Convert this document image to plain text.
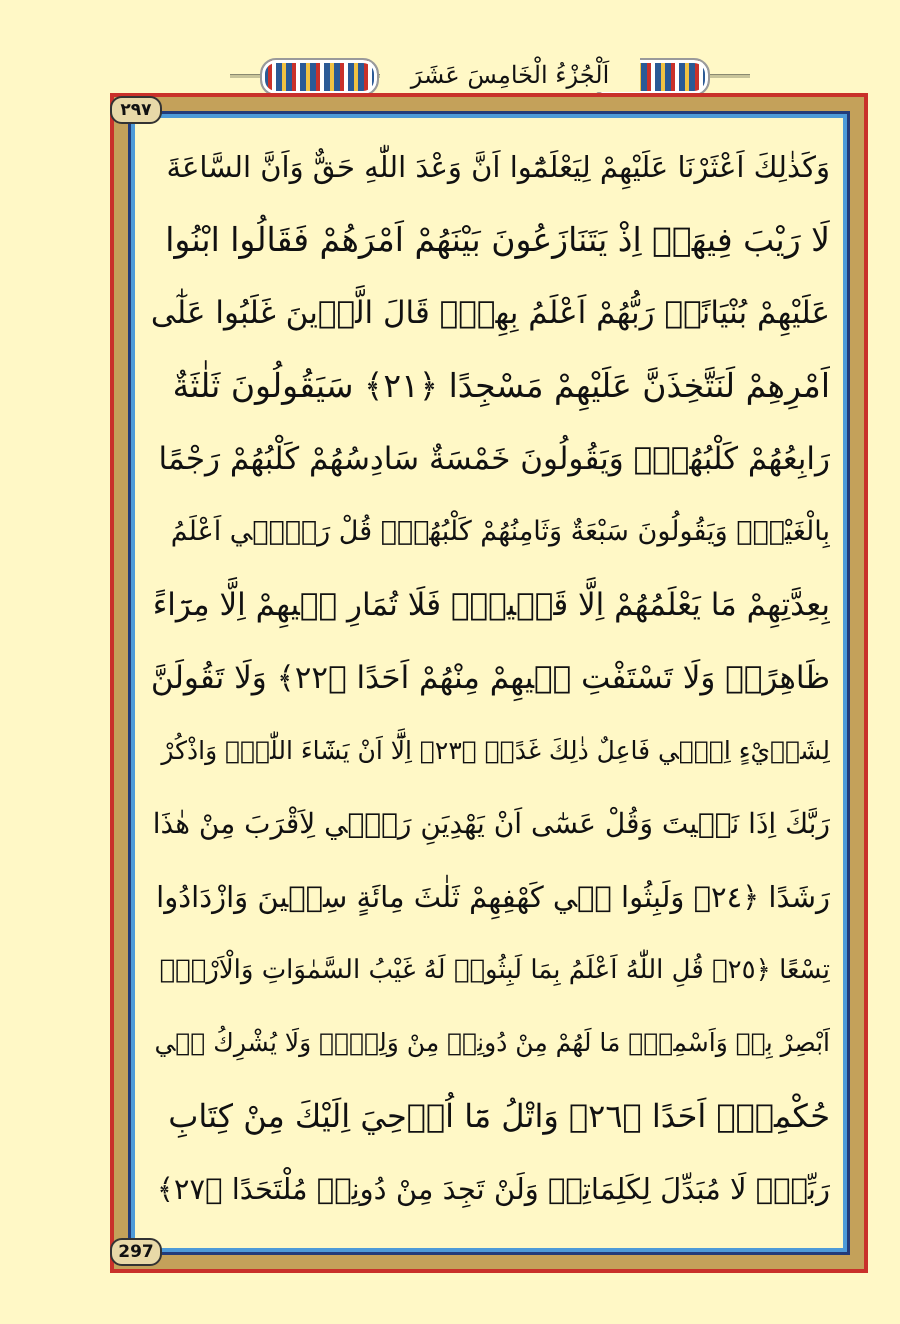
اَلْجُزْءُ الْخَامِسَ عَشَرَ
٢٩٧
297
وَكَذٰلِكَ اَعْثَرْنَا عَلَيْهِمْ لِيَعْلَمُٓوا اَنَّ وَعْدَ اللّٰهِ حَقٌّ وَاَنَّ السَّاعَةَ
لَا رَيْبَ فِيهَاۚ اِذْ يَتَنَازَعُونَ بَيْنَهُمْ اَمْرَهُمْ فَقَالُوا ابْنُوا
عَلَيْهِمْ بُنْيَانًاۜ رَبُّهُمْ اَعْلَمُ بِهِمْۜ قَالَ الَّذ۪ينَ غَلَبُوا عَلٰٓى
اَمْرِهِمْ لَنَتَّخِذَنَّ عَلَيْهِمْ مَسْجِدًا ﴿٢١﴾ سَيَقُولُونَ ثَلٰثَةٌ
رَابِعُهُمْ كَلْبُهُمْۚ وَيَقُولُونَ خَمْسَةٌ سَادِسُهُمْ كَلْبُهُمْ رَجْمًا
بِالْغَيْبِۚ وَيَقُولُونَ سَبْعَةٌ وَثَامِنُهُمْ كَلْبُهُمْۜ قُلْ رَبّ۪ٓي اَعْلَمُ
بِعِدَّتِهِمْ مَا يَعْلَمُهُمْ اِلَّا قَل۪يلٌ۠ فَلَا تُمَارِ ف۪يهِمْ اِلَّا مِرَٓاءً
ظَاهِرًاۖ وَلَا تَسْتَفْتِ ف۪يهِمْ مِنْهُمْ اَحَدًا ﴿٢٢﴾ وَلَا تَقُولَنَّ
لِشَا۬يْءٍ اِنّ۪ي فَاعِلٌ ذٰلِكَ غَدًاۙ ﴿٢٣﴾ اِلَّٓا اَنْ يَشَٓاءَ اللّٰهُۘ وَاذْكُرْ
رَبَّكَ اِذَا نَس۪يتَ وَقُلْ عَسٰٓى اَنْ يَهْدِيَنِ رَبّ۪ي لِاَقْرَبَ مِنْ هٰذَا
رَشَدًا ﴿٢٤﴾ وَلَبِثُوا ف۪ي كَهْفِهِمْ ثَلٰثَ مِائَةٍ سِن۪ينَ وَازْدَادُوا
تِسْعًا ﴿٢٥﴾ قُلِ اللّٰهُ اَعْلَمُ بِمَا لَبِثُواۚ لَهُ غَيْبُ السَّمٰوَاتِ وَالْاَرْضِۜ
اَبْصِرْ بِه۪ وَاَسْمِعْۜ مَا لَهُمْ مِنْ دُونِه۪ مِنْ وَلِيٍّۘ وَلَا يُشْرِكُ ف۪ي
حُكْمِه۪ٓ اَحَدًا ﴿٢٦﴾ وَاتْلُ مَٓا اُو۫حِيَ اِلَيْكَ مِنْ كِتَابِ
رَبِّكَۚ لَا مُبَدِّلَ لِكَلِمَاتِه۪ وَلَنْ تَجِدَ مِنْ دُونِه۪ مُلْتَحَدًا ﴿٢٧﴾
